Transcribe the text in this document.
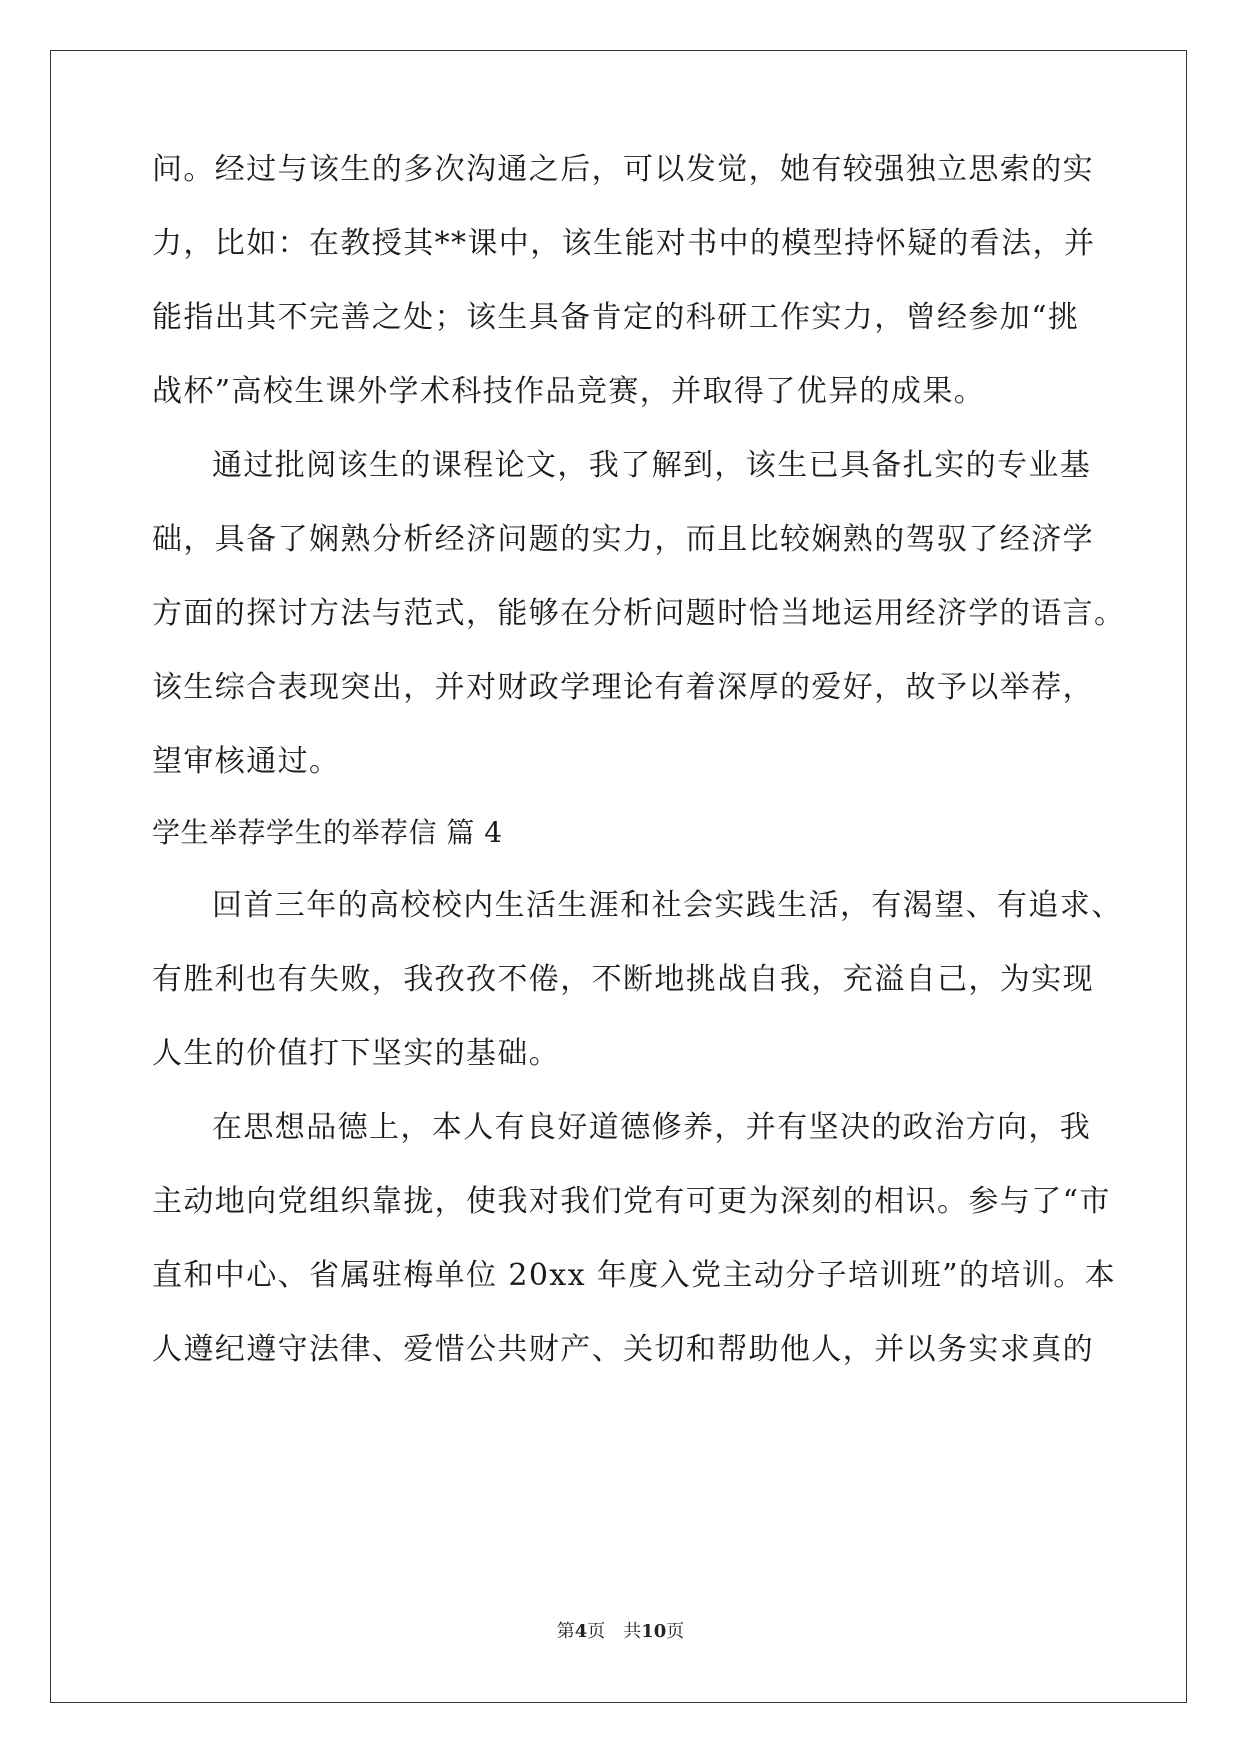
问。经过与该生的多次沟通之后，可以发觉，她有较强独立思索的实
力，比如：在教授其**课中，该生能对书中的模型持怀疑的看法，并
能指出其不完善之处；该生具备肯定的科研工作实力，曾经参加“挑
战杯”高校生课外学术科技作品竞赛，并取得了优异的成果。
通过批阅该生的课程论文，我了解到，该生已具备扎实的专业基
础，具备了娴熟分析经济问题的实力，而且比较娴熟的驾驭了经济学
方面的探讨方法与范式，能够在分析问题时恰当地运用经济学的语言。
该生综合表现突出，并对财政学理论有着深厚的爱好，故予以举荐，
望审核通过。
学生举荐学生的举荐信 篇 4
回首三年的高校校内生活生涯和社会实践生活，有渴望、有追求、
有胜利也有失败，我孜孜不倦，不断地挑战自我，充溢自己，为实现
人生的价值打下坚实的基础。
在思想品德上，本人有良好道德修养，并有坚决的政治方向，我
主动地向党组织靠拢，使我对我们党有可更为深刻的相识。参与了“市
直和中心、省属驻梅单位 20xx 年度入党主动分子培训班”的培训。本
人遵纪遵守法律、爱惜公共财产、关切和帮助他人，并以务实求真的
第4页 共10页
